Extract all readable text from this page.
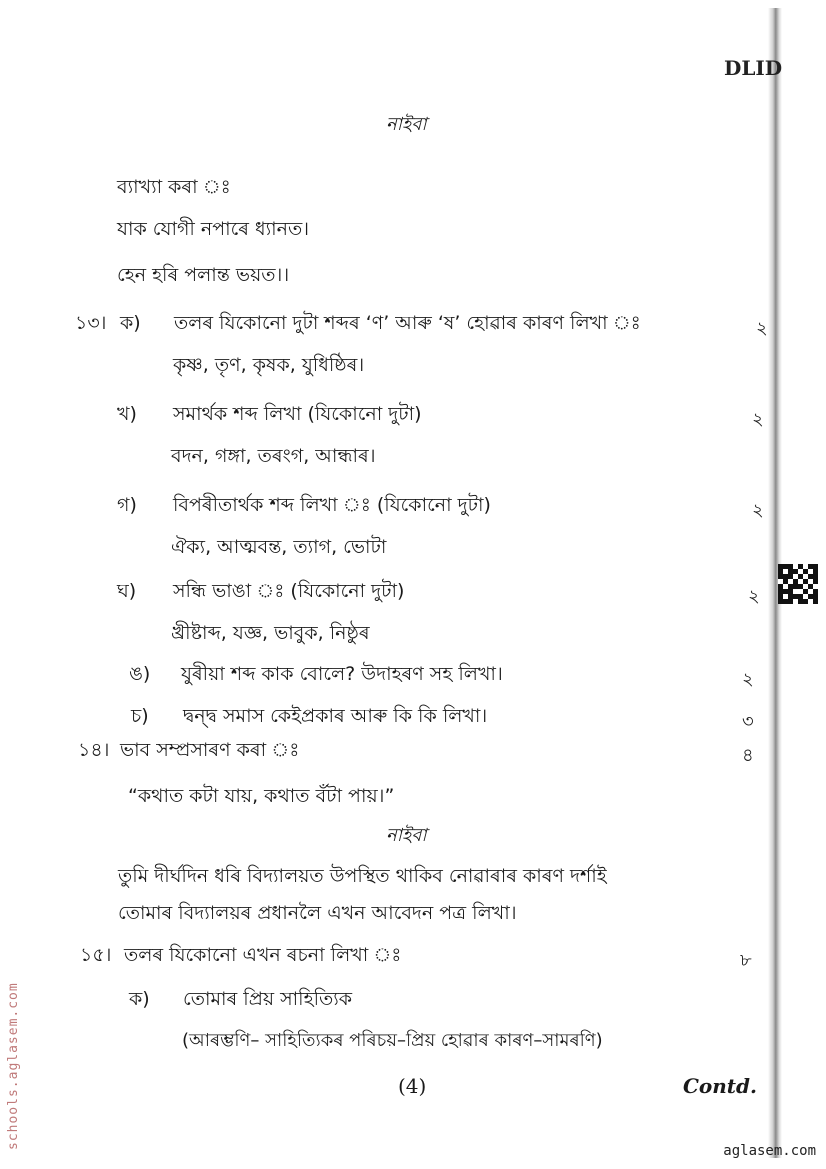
DLID
নাইবা
ব্যাখ্যা কৰা ঃ
যাক যোগী নপাৰে ধ্যানত।
হেন হৰি পলান্ত ভয়ত।।
১৩। ক) তলৰ যিকোনো দুটা শব্দৰ ‘ণ’ আৰু ‘ষ’ হোৱাৰ কাৰণ লিখা ঃ	২
কৃষ্ণ, তৃণ, কৃষক, যুধিষ্ঠিৰ।
খ) সমাৰ্থক শব্দ লিখা (যিকোনো দুটা)	২
বদন, গঙ্গা, তৰংগ, আন্ধাৰ।
গ) বিপৰীতাৰ্থক শব্দ লিখা ঃ (যিকোনো দুটা)	২
ঐক্য, আত্মবন্ত, ত্যাগ, ভোটা
ঘ) সন্ধি ভাঙা ঃ (যিকোনো দুটা)	২
খ্রীষ্টাব্দ, যজ্ঞ, ভাবুক, নিষ্ঠুৰ
ঙ) যুৰীয়া শব্দ কাক বোলে? উদাহৰণ সহ লিখা।	২
চ) দ্বন্দ্ব সমাস কেইপ্ৰকাৰ আৰু কি কি লিখা।	৩
১৪। ভাব সম্প্ৰসাৰণ কৰা ঃ	৪
“কথাত কটা যায়, কথাত বঁটা পায়।”
নাইবা
তুমি দীৰ্ঘদিন ধৰি বিদ্যালয়ত উপস্থিত থাকিব নোৱাৰাৰ কাৰণ দৰ্শাই
তোমাৰ বিদ্যালয়ৰ প্ৰধানলৈ এখন আবেদন পত্ৰ লিখা।
১৫। তলৰ যিকোনো এখন ৰচনা লিখা ঃ	৮
ক) তোমাৰ প্ৰিয় সাহিত্যিক
(আৰম্ভণি– সাহিত্যিকৰ পৰিচয়–প্ৰিয় হোৱাৰ কাৰণ–সামৰণি)
(4)	Contd.
schools.aglasem.com
aglasem.com
